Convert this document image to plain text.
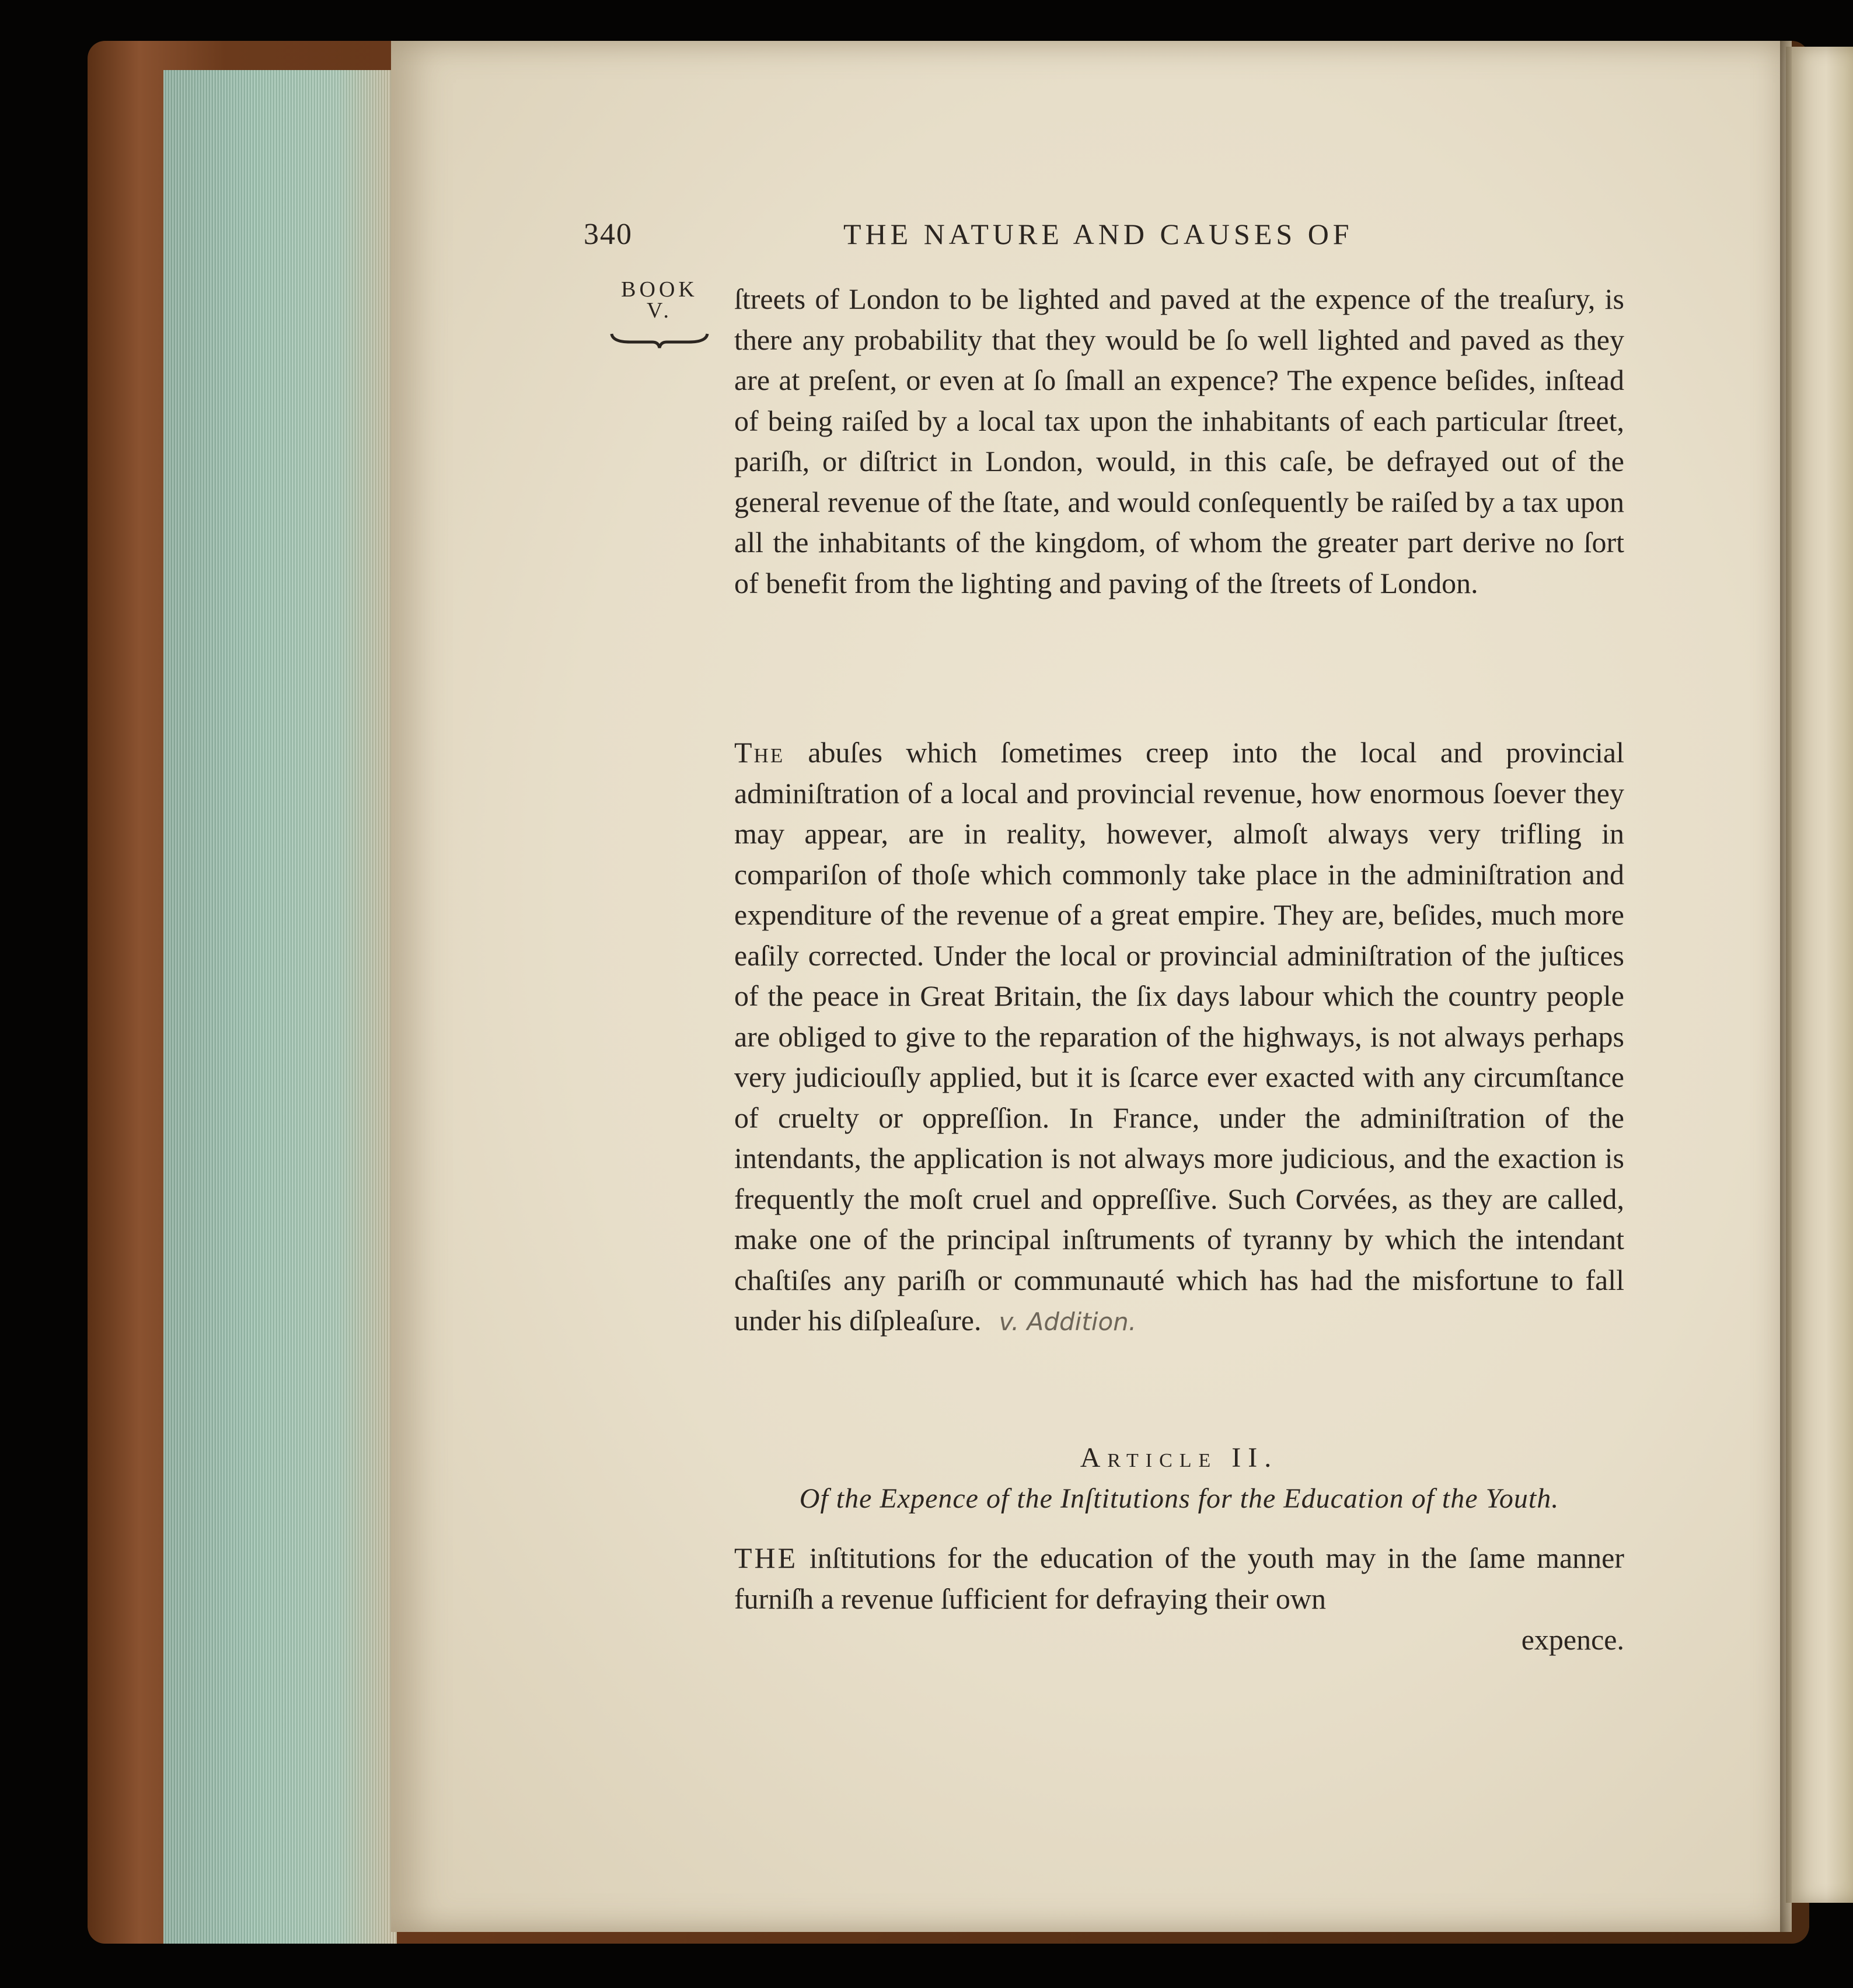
340	THE NATURE AND CAUSES OF
BOOK
V.	ſtreets of London to be lighted and paved at the expence of the treaſury, is there any probability that they would be ſo well lighted and paved as they are at preſent, or even at ſo ſmall an expence? The expence beſides, inſtead of being raiſed by a local tax upon the inhabitants of each particular ſtreet, pariſh, or diſtrict in London, would, in this caſe, be defrayed out of the general revenue of the ſtate, and would conſequently be raiſed by a tax upon all the inhabitants of the kingdom, of whom the greater part derive no ſort of benefit from the lighting and paving of the ſtreets of London.

The abuſes which ſometimes creep into the local and provincial adminiſtration of a local and provincial revenue, how enormous ſoever they may appear, are in reality, however, almoſt always very trifling in compariſon of thoſe which commonly take place in the adminiſtration and expenditure of the revenue of a great empire. They are, beſides, much more eaſily corrected. Under the local or provincial adminiſtration of the juſtices of the peace in Great Britain, the ſix days labour which the country people are obliged to give to the reparation of the highways, is not always perhaps very judiciouſly applied, but it is ſcarce ever exacted with any circumſtance of cruelty or oppreſſion. In France, under the adminiſtration of the intendants, the application is not always more judicious, and the exaction is frequently the moſt cruel and oppreſſive. Such Corvées, as they are called, make one of the principal inſtruments of tyranny by which the intendant chaſtiſes any pariſh or communauté which has had the misfortune to fall under his diſpleaſure. v. Addition.

Article II.
Of the Expence of the Inſtitutions for the Education of the Youth.

THE inſtitutions for the education of the youth may in the ſame manner furniſh a revenue ſufficient for defraying their own

expence.
